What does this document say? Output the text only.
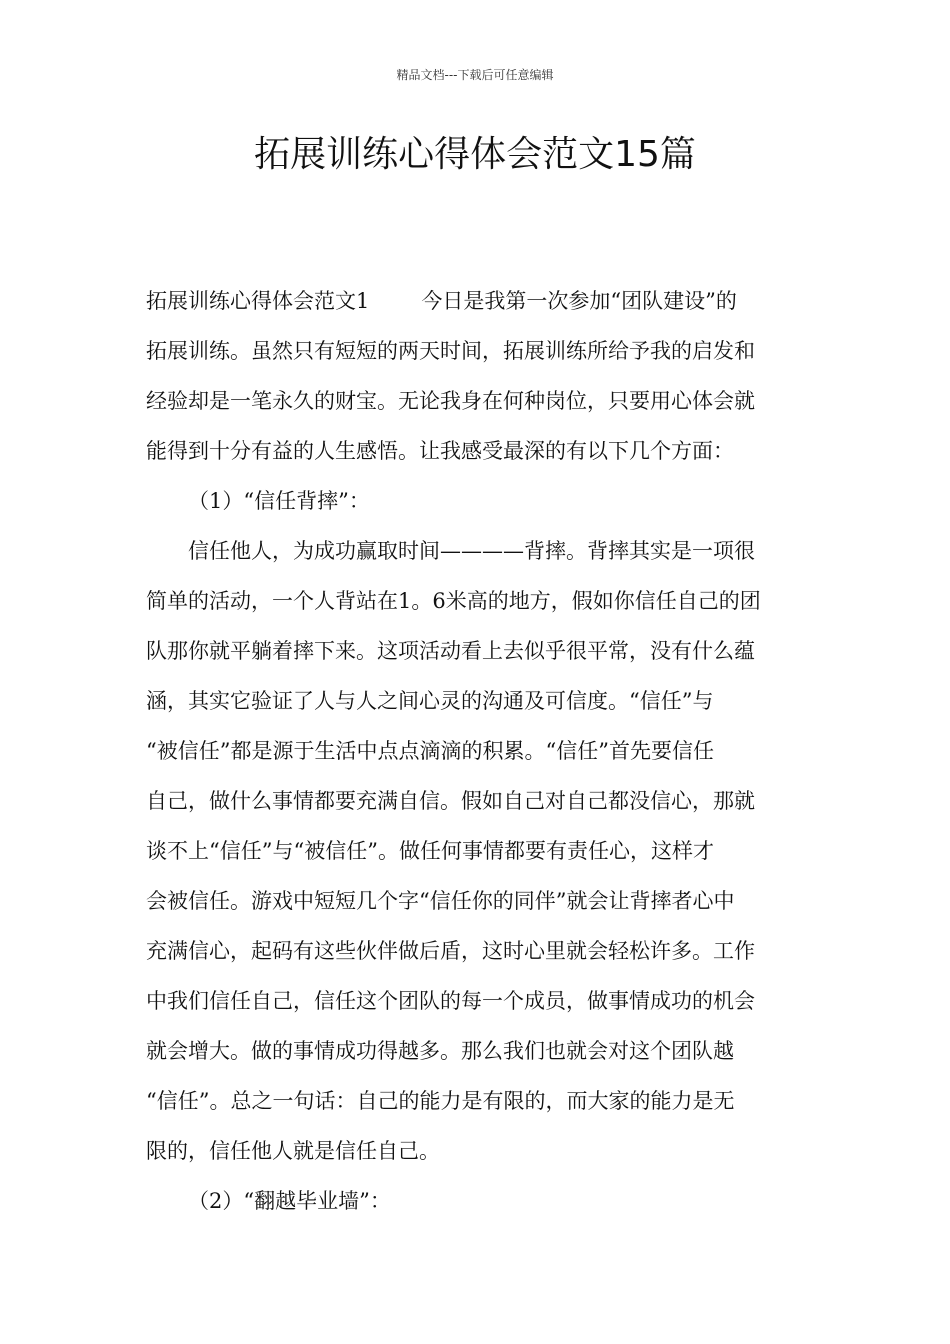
精品文档---下载后可任意编辑
拓展训练心得体会范文15篇
拓展训练心得体会范文1 今日是我第一次参加“团队建设”的
拓展训练。虽然只有短短的两天时间，拓展训练所给予我的启发和
经验却是一笔永久的财宝。无论我身在何种岗位，只要用心体会就
能得到十分有益的人生感悟。让我感受最深的有以下几个方面：
（1）“信任背摔”：
信任他人，为成功赢取时间————背摔。背摔其实是一项很
简单的活动，一个人背站在1。6米高的地方，假如你信任自己的团
队那你就平躺着摔下来。这项活动看上去似乎很平常，没有什么蕴
涵，其实它验证了人与人之间心灵的沟通及可信度。“信任”与
“被信任”都是源于生活中点点滴滴的积累。“信任”首先要信任
自己，做什么事情都要充满自信。假如自己对自己都没信心，那就
谈不上“信任”与“被信任”。做任何事情都要有责任心，这样才
会被信任。游戏中短短几个字“信任你的同伴”就会让背摔者心中
充满信心，起码有这些伙伴做后盾，这时心里就会轻松许多。工作
中我们信任自己，信任这个团队的每一个成员，做事情成功的机会
就会增大。做的事情成功得越多。那么我们也就会对这个团队越
“信任”。总之一句话：自己的能力是有限的，而大家的能力是无
限的，信任他人就是信任自己。
（2）“翻越毕业墙”：
